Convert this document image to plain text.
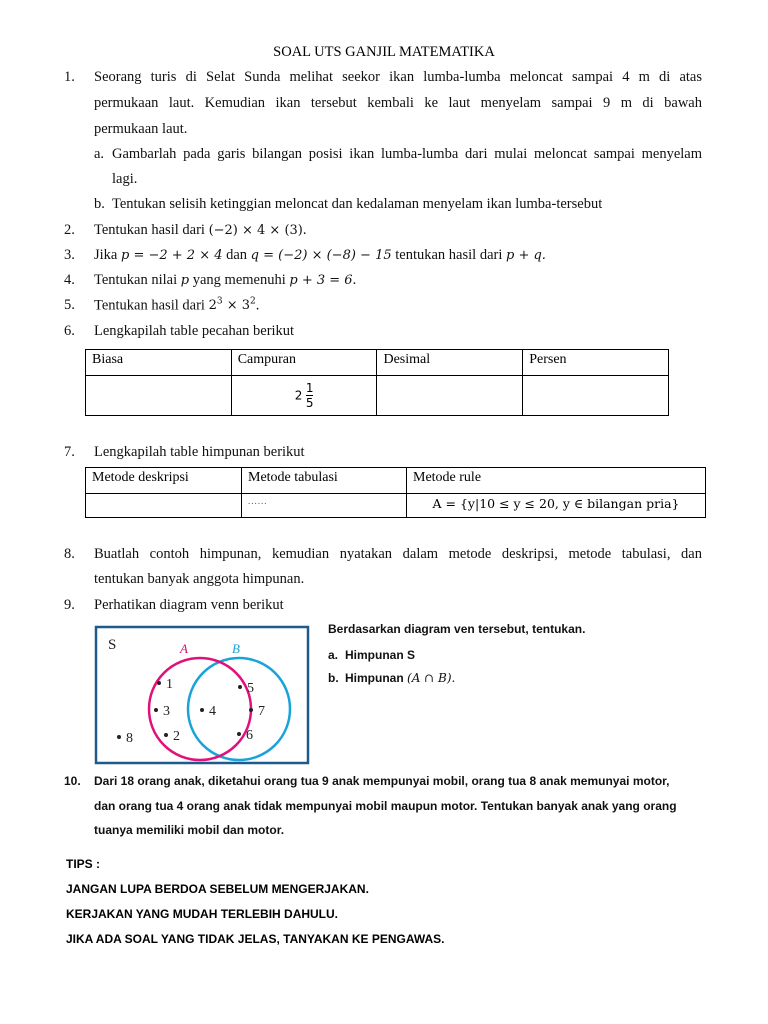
SOAL UTS GANJIL MATEMATIKA
1. Seorang turis di Selat Sunda melihat seekor ikan lumba-lumba meloncat sampai 4 m di atas
permukaan laut. Kemudian ikan tersebut kembali ke laut menyelam sampai 9 m di bawah
permukaan laut.
a. Gambarlah pada garis bilangan posisi ikan lumba-lumba dari mulai meloncat sampai menyelam
lagi.
b. Tentukan selisih ketinggian meloncat dan kedalaman menyelam ikan lumba-tersebut
2. Tentukan hasil dari (−2) × 4 × (3).
3. Jika p = −2 + 2 × 4 dan q = (−2) × (−8) − 15 tentukan hasil dari p + q.
4. Tentukan nilai p yang memenuhi p + 3 = 6.
5. Tentukan hasil dari $2^3 \times 3^2$.
6. Lengkapilah table pecahan berikut
Biasa	Campuran	Desimal	Persen
	$2 \frac{1}{5}$

7. Lengkapilah table himpunan berikut
Metode deskripsi	Metode tabulasi	Metode rule
	......	A = {y|10 ≤ y ≤ 20, y ∈ bilangan pria}
8. Buatlah contoh himpunan, kemudian nyatakan dalam metode deskripsi, metode tabulasi, dan
tentukan banyak anggota himpunan.
9. Perhatikan diagram venn berikut
S	A	B
1
3
2
4
5
7
6
8
Berdasarkan diagram ven tersebut, tentukan.
a. Himpunan S
b. Himpunan (A ∩ B).
10. Dari 18 orang anak, diketahui orang tua 9 anak mempunyai mobil, orang tua 8 anak memunyai motor,
dan orang tua 4 orang anak tidak mempunyai mobil maupun motor. Tentukan banyak anak yang orang
tuanya memiliki mobil dan motor.
TIPS :
JANGAN LUPA BERDOA SEBELUM MENGERJAKAN.
KERJAKAN YANG MUDAH TERLEBIH DAHULU.
JIKA ADA SOAL YANG TIDAK JELAS, TANYAKAN KE PENGAWAS.
